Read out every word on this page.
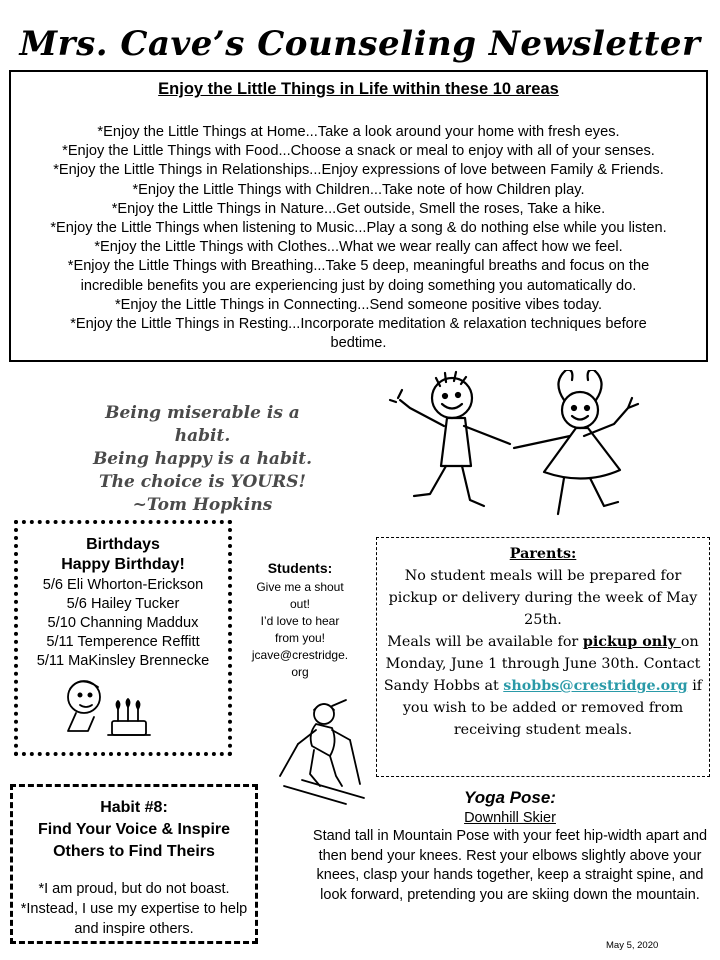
Mrs. Cave’s Counseling Newsletter
Enjoy the Little Things in Life within these 10 areas
*Enjoy the Little Things at Home...Take a look around your home with fresh eyes.
*Enjoy the Little Things with Food...Choose a snack or meal to enjoy with all of your senses.
*Enjoy the Little Things in Relationships...Enjoy expressions of love between Family & Friends.
*Enjoy the Little Things with Children...Take note of how Children play.
*Enjoy the Little Things in Nature...Get outside, Smell the roses, Take a hike.
*Enjoy the Little Things when listening to Music...Play a song & do nothing else while you listen.
*Enjoy the Little Things with Clothes...What we wear really can affect how we feel.
*Enjoy the Little Things with Breathing...Take 5 deep, meaningful breaths and focus on the incredible benefits you are experiencing just by doing something you automatically do.
*Enjoy the Little Things in Connecting...Send someone positive vibes today.
*Enjoy the Little Things in Resting...Incorporate meditation & relaxation techniques before bedtime.
Being miserable is a habit.
Being happy is a habit.
The choice is YOURS!
~Tom Hopkins
Birthdays
Happy Birthday!
5/6 Eli Whorton-Erickson
5/6 Hailey Tucker
5/10 Channing Maddux
5/11 Temperence Reffitt
5/11 MaKinsley Brennecke
Students:
Give me a shout
out!
I’d love to hear
from you!
jcave@crestridge.
org
Parents:
No student meals will be prepared for pickup or delivery during the week of May 25th.
Meals will be available for pickup only on Monday, June 1 through June 30th. Contact Sandy Hobbs at shobbs@crestridge.org if you wish to be added or removed from receiving student meals.
Habit #8:
Find Your Voice & Inspire Others to Find Theirs
*I am proud, but do not boast.
*Instead, I use my expertise to help and inspire others.
Yoga Pose:
Downhill Skier
Stand tall in Mountain Pose with your feet hip-width apart and then bend your knees. Rest your elbows slightly above your knees, clasp your hands together, keep a straight spine, and look forward, pretending you are skiing down the mountain.
May 5, 2020
